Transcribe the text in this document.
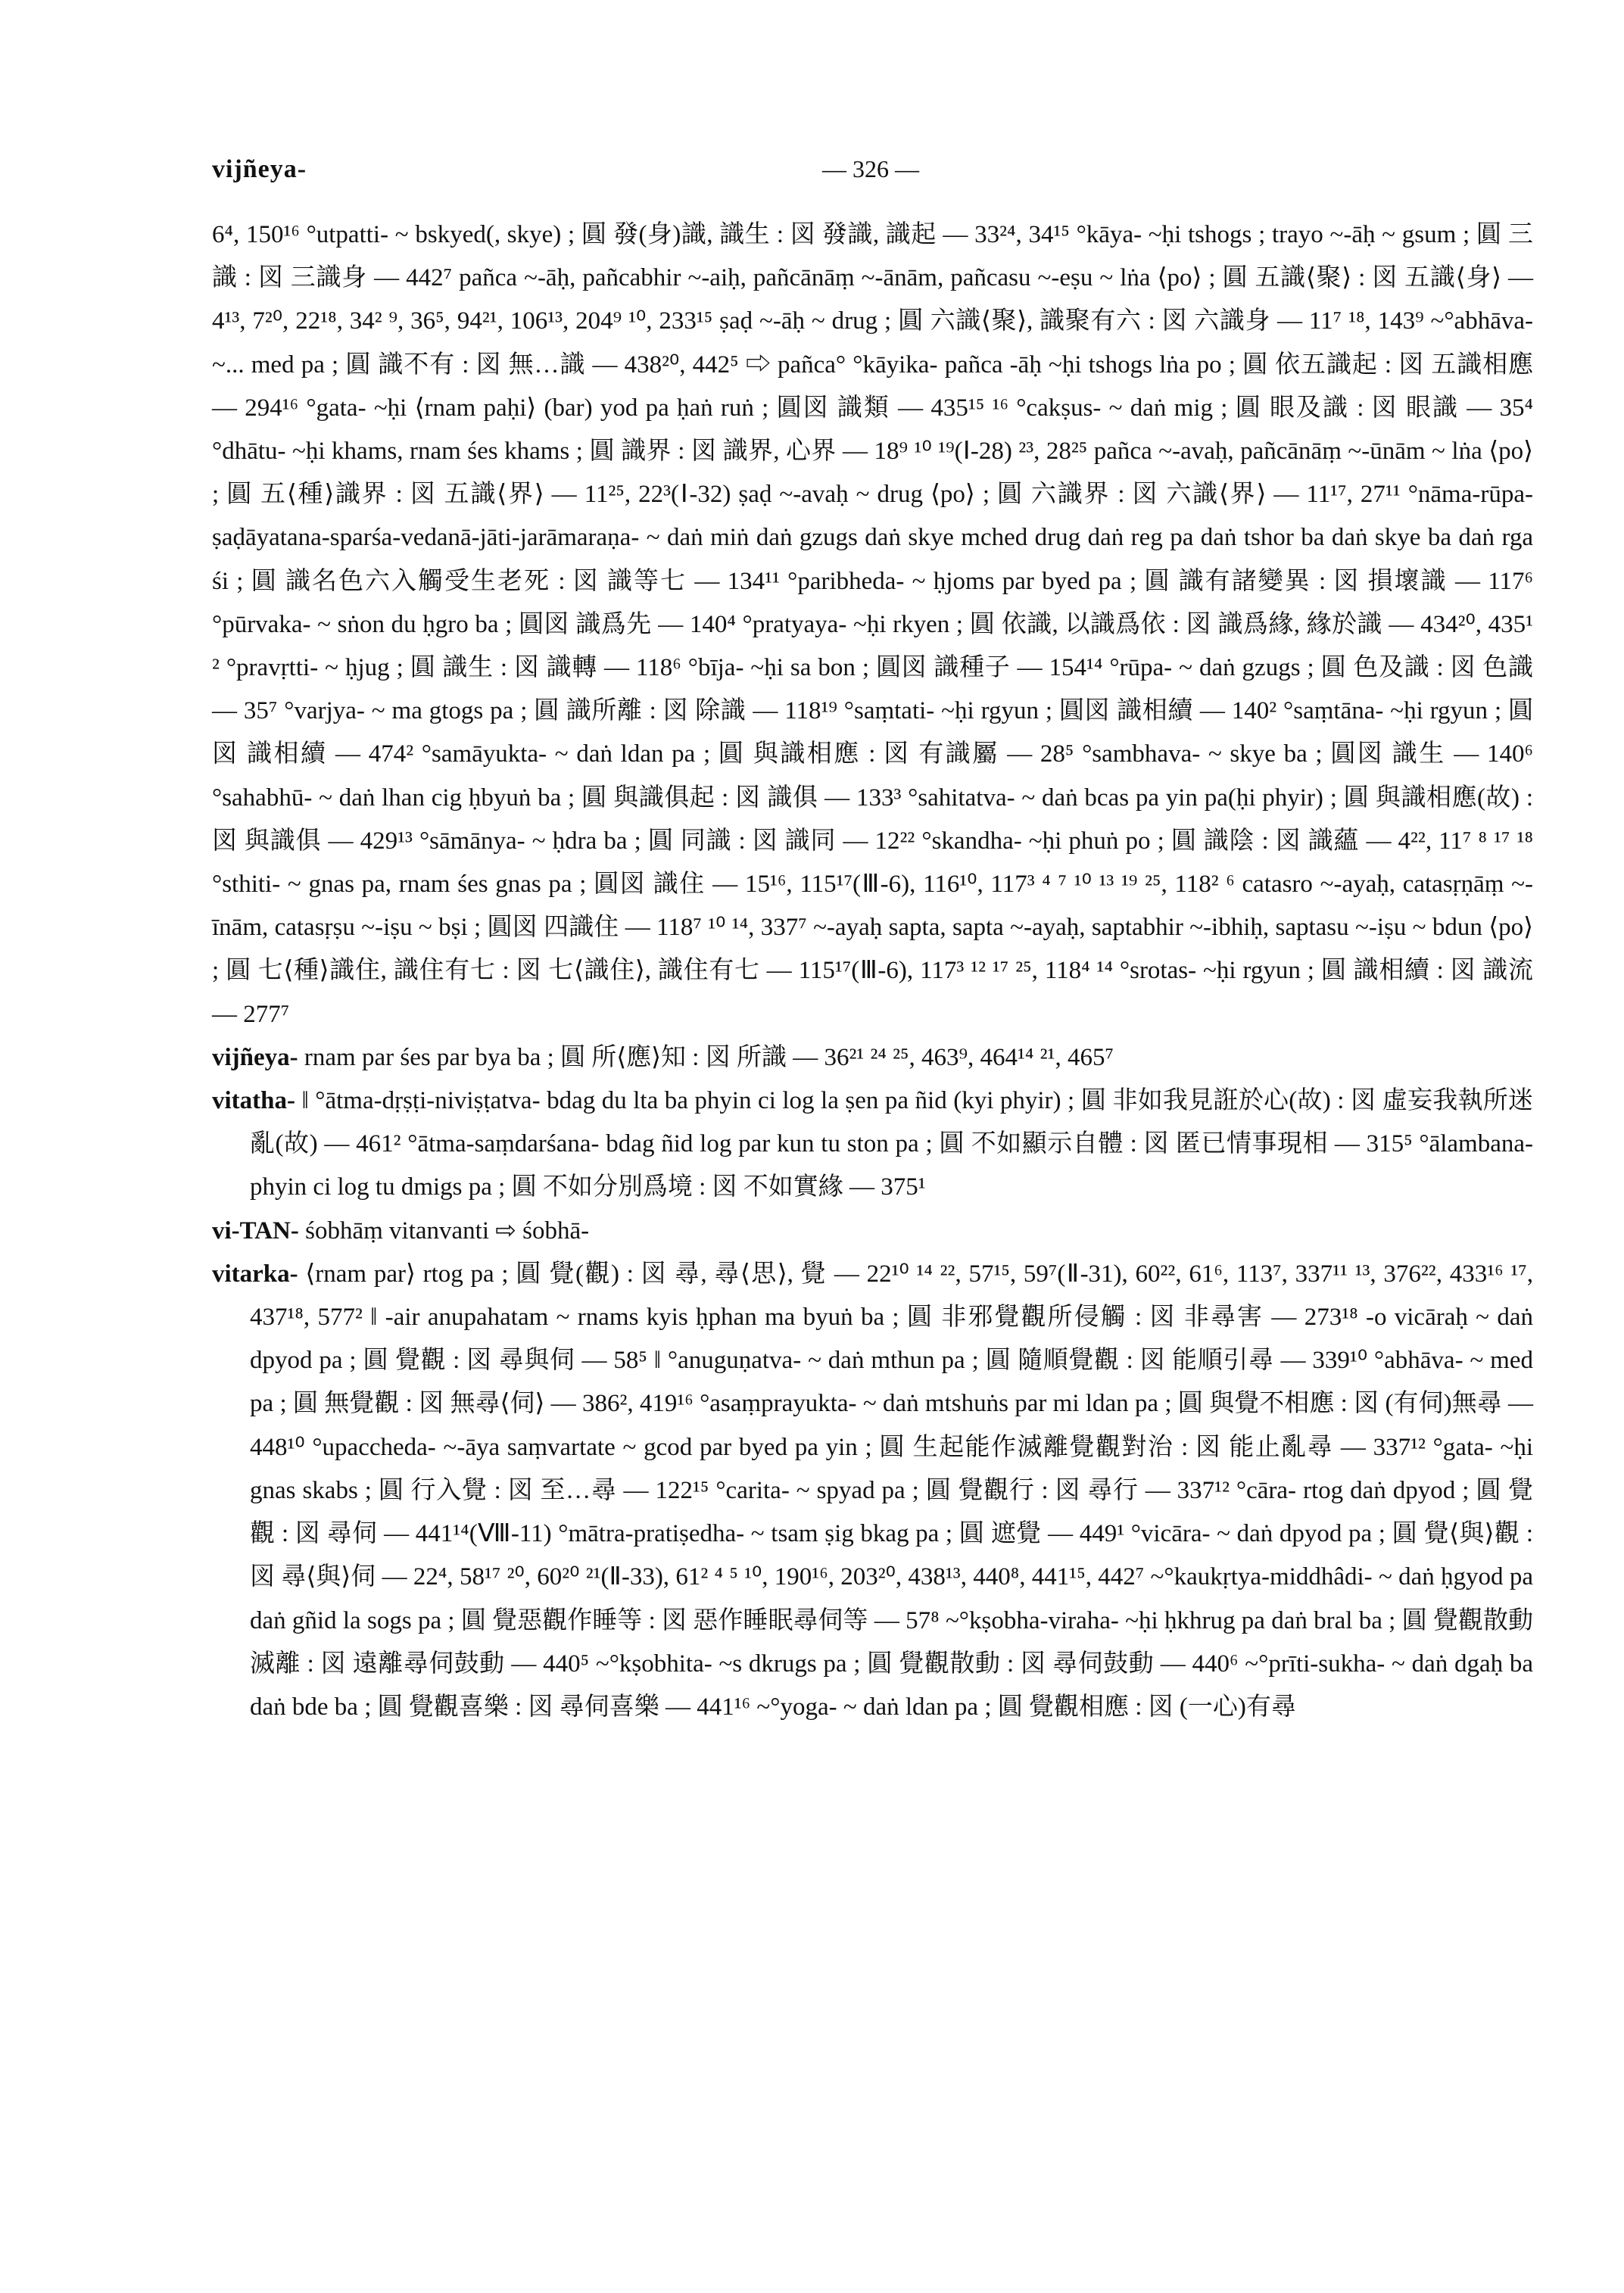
vijñeya-	— 326 —

6⁴, 150¹⁶ °utpatti- ~ bskyed(, skye) ; 圓 發(身)識, 識生 : 図 發識, 識起 — 33²⁴, 34¹⁵ °kāya- ~ḥi tshogs ; trayo ~-āḥ ~ gsum ; 圓 三識 : 図 三識身 — 442⁷ pañca ~-āḥ, pañcabhir ~-aiḥ, pañcānāṃ ~-ānām, pañcasu ~-eṣu ~ lṅa ⟨po⟩ ; 圓 五識⟨聚⟩ : 図 五識⟨身⟩ — 4¹³, 7²⁰, 22¹⁸, 34² ⁹, 36⁵, 94²¹, 106¹³, 204⁹ ¹⁰, 233¹⁵ ṣaḍ ~-āḥ ~ drug ; 圓 六識⟨聚⟩, 識聚有六 : 図 六識身 — 11⁷ ¹⁸, 143⁹ ~°abhāva- ~... med pa ; 圓 識不有 : 図 無…識 — 438²⁰, 442⁵ ⇨ pañca° °kāyika- pañca -āḥ ~ḥi tshogs lṅa po ; 圓 依五識起 : 図 五識相應 — 294¹⁶ °gata- ~ḥi ⟨rnam paḥi⟩ (bar) yod pa ḥaṅ ruṅ ; 圓図 識類 — 435¹⁵ ¹⁶ °cakṣus- ~ daṅ mig ; 圓 眼及識 : 図 眼識 — 35⁴ °dhātu- ~ḥi khams, rnam śes khams ; 圓 識界 : 図 識界, 心界 — 18⁹ ¹⁰ ¹⁹(Ⅰ-28) ²³, 28²⁵ pañca ~-avaḥ, pañcānāṃ ~-ūnām ~ lṅa ⟨po⟩ ; 圓 五⟨種⟩識界 : 図 五識⟨界⟩ — 11²⁵, 22³(Ⅰ-32) ṣaḍ ~-avaḥ ~ drug ⟨po⟩ ; 圓 六識界 : 図 六識⟨界⟩ — 11¹⁷, 27¹¹ °nāma-rūpa-ṣaḍāyatana-sparśa-vedanā-jāti-jarāmaraṇa- ~ daṅ miṅ daṅ gzugs daṅ skye mched drug daṅ reg pa daṅ tshor ba daṅ skye ba daṅ rga śi ; 圓 識名色六入觸受生老死 : 図 識等七 — 134¹¹ °paribheda- ~ ḥjoms par byed pa ; 圓 識有諸變異 : 図 損壞識 — 117⁶ °pūrvaka- ~ sṅon du ḥgro ba ; 圓図 識爲先 — 140⁴ °pratyaya- ~ḥi rkyen ; 圓 依識, 以識爲依 : 図 識爲緣, 緣於識 — 434²⁰, 435¹ ² °pravṛtti- ~ ḥjug ; 圓 識生 : 図 識轉 — 118⁶ °bīja- ~ḥi sa bon ; 圓図 識種子 — 154¹⁴ °rūpa- ~ daṅ gzugs ; 圓 色及識 : 図 色識 — 35⁷ °varjya- ~ ma gtogs pa ; 圓 識所離 : 図 除識 — 118¹⁹ °saṃtati- ~ḥi rgyun ; 圓図 識相續 — 140² °saṃtāna- ~ḥi rgyun ; 圓図 識相續 — 474² °samāyukta- ~ daṅ ldan pa ; 圓 與識相應 : 図 有識屬 — 28⁵ °sambhava- ~ skye ba ; 圓図 識生 — 140⁶ °sahabhū- ~ daṅ lhan cig ḥbyuṅ ba ; 圓 與識俱起 : 図 識俱 — 133³ °sahitatva- ~ daṅ bcas pa yin pa(ḥi phyir) ; 圓 與識相應(故) : 図 與識俱 — 429¹³ °sāmānya- ~ ḥdra ba ; 圓 同識 : 図 識同 — 12²² °skandha- ~ḥi phuṅ po ; 圓 識陰 : 図 識蘊 — 4²², 11⁷ ⁸ ¹⁷ ¹⁸ °sthiti- ~ gnas pa, rnam śes gnas pa ; 圓図 識住 — 15¹⁶, 115¹⁷(Ⅲ-6), 116¹⁰, 117³ ⁴ ⁷ ¹⁰ ¹³ ¹⁹ ²⁵, 118² ⁶ catasro ~-ayaḥ, catasṛṇāṃ ~-īnām, catasṛṣu ~-iṣu ~ bṣi ; 圓図 四識住 — 118⁷ ¹⁰ ¹⁴, 337⁷ ~-ayaḥ sapta, sapta ~-ayaḥ, saptabhir ~-ibhiḥ, saptasu ~-iṣu ~ bdun ⟨po⟩ ; 圓 七⟨種⟩識住, 識住有七 : 図 七⟨識住⟩, 識住有七 — 115¹⁷(Ⅲ-6), 117³ ¹² ¹⁷ ²⁵, 118⁴ ¹⁴ °srotas- ~ḥi rgyun ; 圓 識相續 : 図 識流 — 277⁷

vijñeya- rnam par śes par bya ba ; 圓 所⟨應⟩知 : 図 所識 — 36²¹ ²⁴ ²⁵, 463⁹, 464¹⁴ ²¹, 465⁷

vitatha- ‖ °ātma-dṛṣṭi-niviṣṭatva- bdag du lta ba phyin ci log la ṣen pa ñid (kyi phyir) ; 圓 非如我見誑於心(故) : 図 虛妄我執所迷亂(故) — 461² °ātma-saṃdarśana- bdag ñid log par kun tu ston pa ; 圓 不如顯示自體 : 図 匿已情事現相 — 315⁵ °ālambana- phyin ci log tu dmigs pa ; 圓 不如分別爲境 : 図 不如實緣 — 375¹

vi-TAN- śobhāṃ vitanvanti ⇨ śobhā-

vitarka- ⟨rnam par⟩ rtog pa ; 圓 覺(觀) : 図 尋, 尋⟨思⟩, 覺 — 22¹⁰ ¹⁴ ²², 57¹⁵, 59⁷(Ⅱ-31), 60²², 61⁶, 113⁷, 337¹¹ ¹³, 376²², 433¹⁶ ¹⁷, 437¹⁸, 577² ‖ -air anupahatam ~ rnams kyis ḥphan ma byuṅ ba ; 圓 非邪覺觀所侵觸 : 図 非尋害 — 273¹⁸ -o vicāraḥ ~ daṅ dpyod pa ; 圓 覺觀 : 図 尋與伺 — 58⁵ ‖ °anuguṇatva- ~ daṅ mthun pa ; 圓 隨順覺觀 : 図 能順引尋 — 339¹⁰ °abhāva- ~ med pa ; 圓 無覺觀 : 図 無尋⟨伺⟩ — 386², 419¹⁶ °asaṃprayukta- ~ daṅ mtshuṅs par mi ldan pa ; 圓 與覺不相應 : 図 (有伺)無尋 — 448¹⁰ °upaccheda- ~-āya saṃvartate ~ gcod par byed pa yin ; 圓 生起能作滅離覺觀對治 : 図 能止亂尋 — 337¹² °gata- ~ḥi gnas skabs ; 圓 行入覺 : 図 至…尋 — 122¹⁵ °carita- ~ spyad pa ; 圓 覺觀行 : 図 尋行 — 337¹² °cāra- rtog daṅ dpyod ; 圓 覺觀 : 図 尋伺 — 441¹⁴(Ⅷ-11) °mātra-pratiṣedha- ~ tsam ṣig bkag pa ; 圓 遮覺 — 449¹ °vicāra- ~ daṅ dpyod pa ; 圓 覺⟨與⟩觀 : 図 尋⟨與⟩伺 — 22⁴, 58¹⁷ ²⁰, 60²⁰ ²¹(Ⅱ-33), 61² ⁴ ⁵ ¹⁰, 190¹⁶, 203²⁰, 438¹³, 440⁸, 441¹⁵, 442⁷ ~°kaukṛtya-middhâdi- ~ daṅ ḥgyod pa daṅ gñid la sogs pa ; 圓 覺惡觀作睡等 : 図 惡作睡眠尋伺等 — 57⁸ ~°kṣobha-viraha- ~ḥi ḥkhrug pa daṅ bral ba ; 圓 覺觀散動滅離 : 図 遠離尋伺鼓動 — 440⁵ ~°kṣobhita- ~s dkrugs pa ; 圓 覺觀散動 : 図 尋伺鼓動 — 440⁶ ~°prīti-sukha- ~ daṅ dgaḥ ba daṅ bde ba ; 圓 覺觀喜樂 : 図 尋伺喜樂 — 441¹⁶ ~°yoga- ~ daṅ ldan pa ; 圓 覺觀相應 : 図 (一心)有尋
